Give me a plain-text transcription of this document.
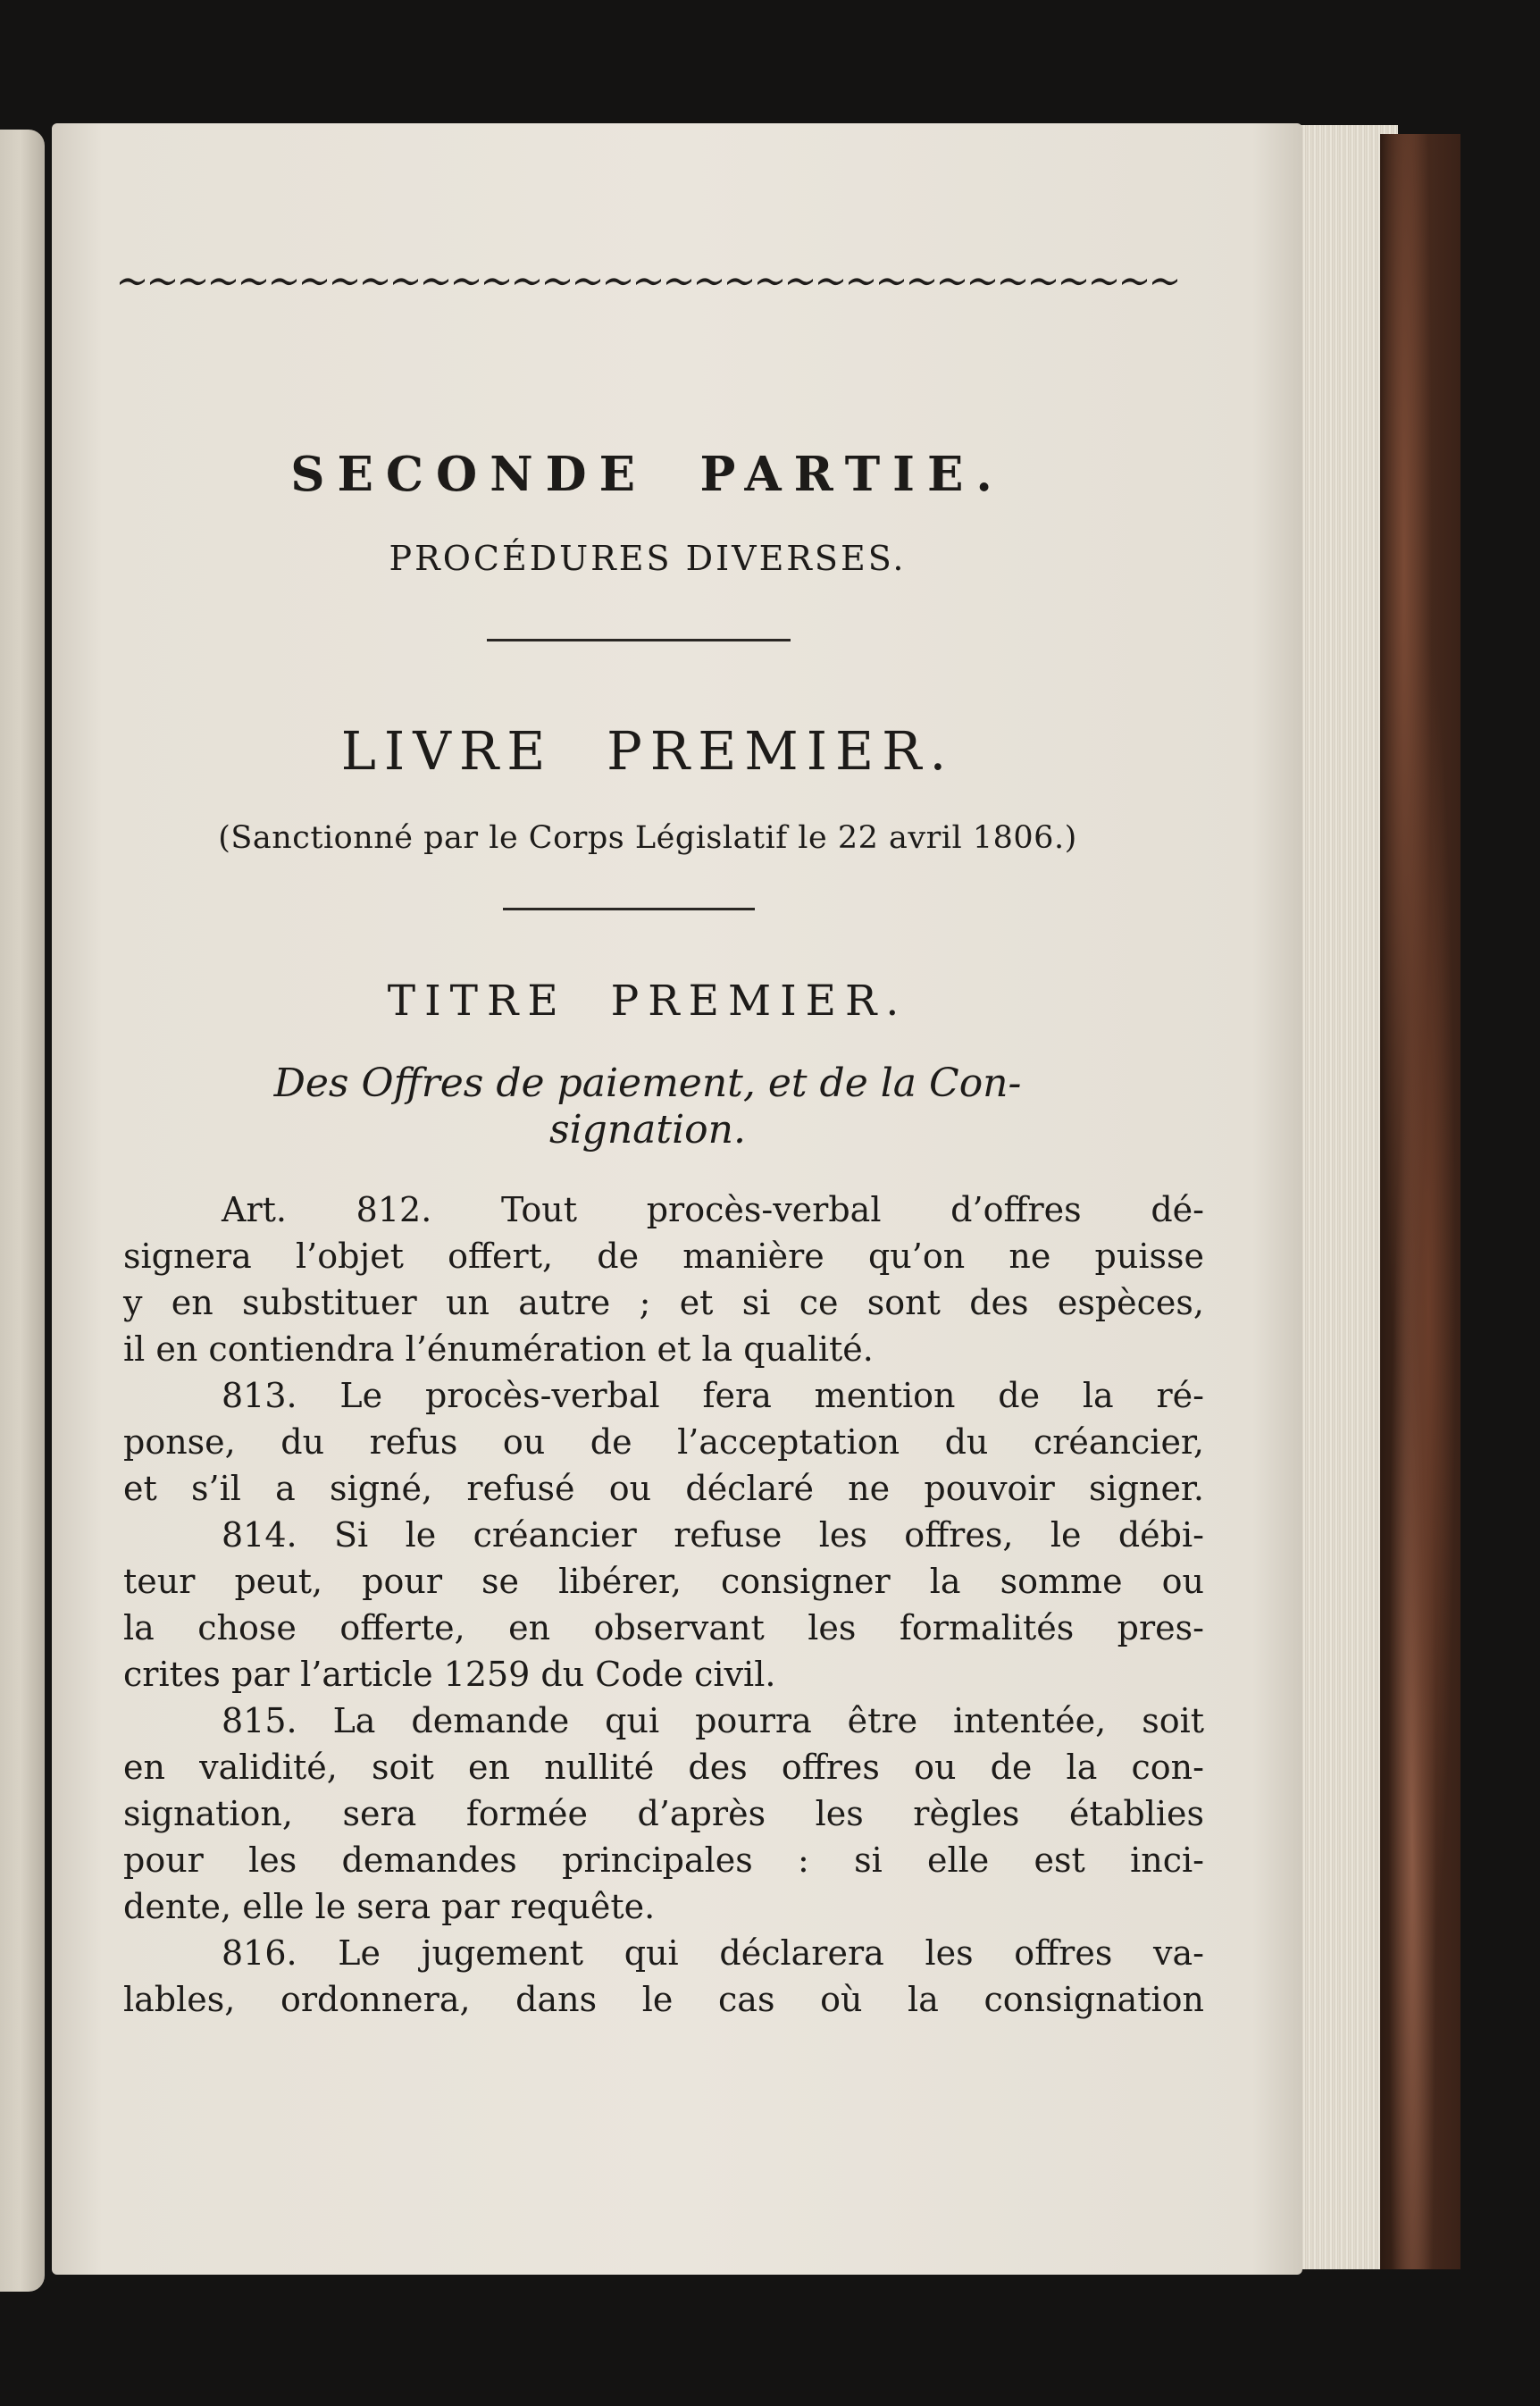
SECONDE PARTIE.
PROCÉDURES DIVERSES.
LIVRE PREMIER.
(Sanctionné par le Corps Législatif le 22 avril 1806.)
TITRE PREMIER.
Des Offres de paiement, et de la Con-
signation.
Art. 812. Tout procès-verbal d’offres dé-
signera l’objet offert, de manière qu’on ne puisse
y en substituer un autre ; et si ce sont des espèces,
il en contiendra l’énumération et la qualité.
813. Le procès-verbal fera mention de la ré-
ponse, du refus ou de l’acceptation du créancier,
et s’il a signé, refusé ou déclaré ne pouvoir signer.
814. Si le créancier refuse les offres, le débi-
teur peut, pour se libérer, consigner la somme ou
la chose offerte, en observant les formalités pres-
crites par l’article 1259 du Code civil.
815. La demande qui pourra être intentée, soit
en validité, soit en nullité des offres ou de la con-
signation, sera formée d’après les règles établies
pour les demandes principales : si elle est inci-
dente, elle le sera par requête.
816. Le jugement qui déclarera les offres va-
lables, ordonnera, dans le cas où la consignation
